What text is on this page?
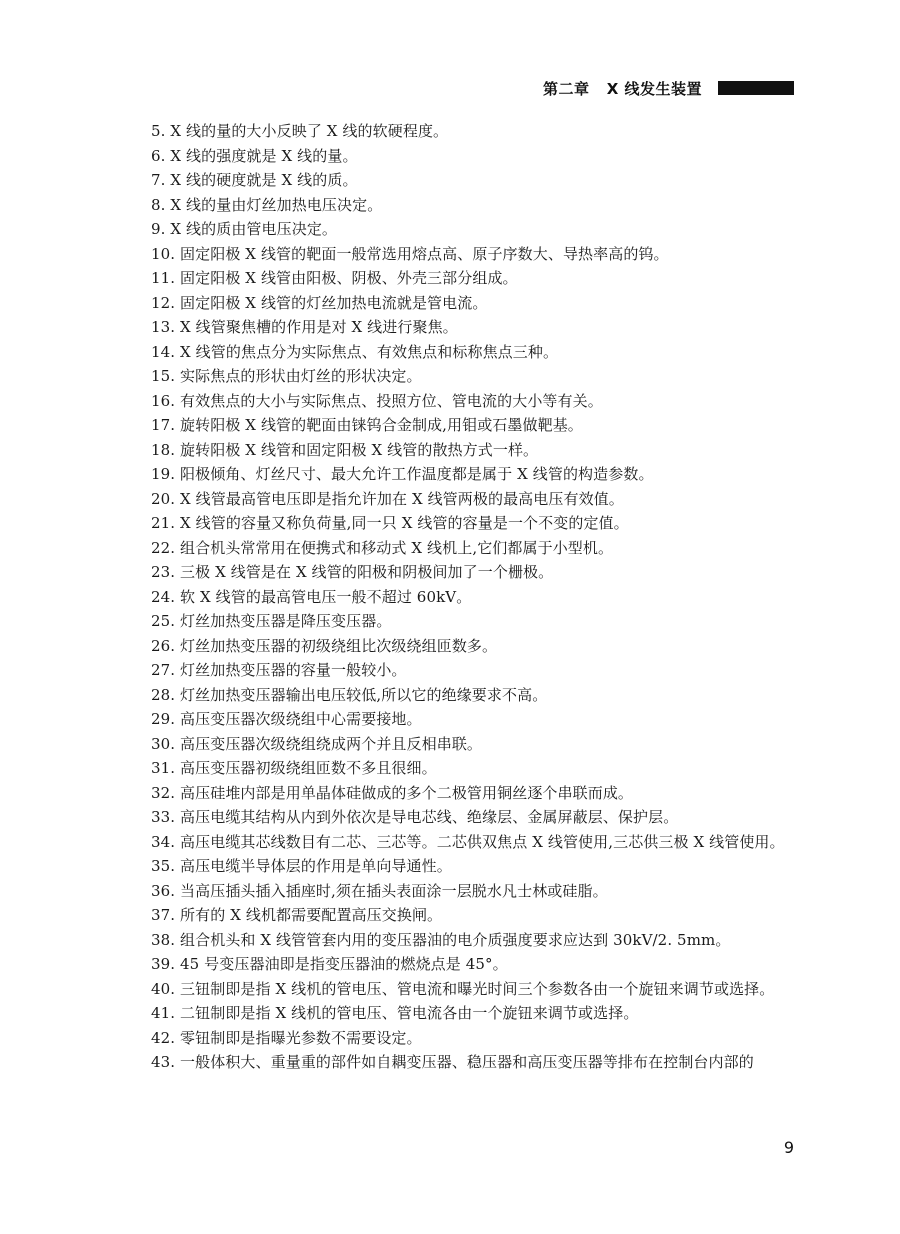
第二章 X 线发生装置

5. X 线的量的大小反映了 X 线的软硬程度。

6. X 线的强度就是 X 线的量。

7. X 线的硬度就是 X 线的质。

8. X 线的量由灯丝加热电压决定。

9. X 线的质由管电压决定。

10. 固定阳极 X 线管的靶面一般常选用熔点高、原子序数大、导热率高的钨。

11. 固定阳极 X 线管由阳极、阴极、外壳三部分组成。

12. 固定阳极 X 线管的灯丝加热电流就是管电流。

13. X 线管聚焦槽的作用是对 X 线进行聚焦。

14. X 线管的焦点分为实际焦点、有效焦点和标称焦点三种。

15. 实际焦点的形状由灯丝的形状决定。

16. 有效焦点的大小与实际焦点、投照方位、管电流的大小等有关。

17. 旋转阳极 X 线管的靶面由铼钨合金制成,用钼或石墨做靶基。

18. 旋转阳极 X 线管和固定阳极 X 线管的散热方式一样。

19. 阳极倾角、灯丝尺寸、最大允许工作温度都是属于 X 线管的构造参数。

20. X 线管最高管电压即是指允许加在 X 线管两极的最高电压有效值。

21. X 线管的容量又称负荷量,同一只 X 线管的容量是一个不变的定值。

22. 组合机头常常用在便携式和移动式 X 线机上,它们都属于小型机。

23. 三极 X 线管是在 X 线管的阳极和阴极间加了一个栅极。

24. 软 X 线管的最高管电压一般不超过 60kV。

25. 灯丝加热变压器是降压变压器。

26. 灯丝加热变压器的初级绕组比次级绕组匝数多。

27. 灯丝加热变压器的容量一般较小。

28. 灯丝加热变压器输出电压较低,所以它的绝缘要求不高。

29. 高压变压器次级绕组中心需要接地。

30. 高压变压器次级绕组绕成两个并且反相串联。

31. 高压变压器初级绕组匝数不多且很细。

32. 高压硅堆内部是用单晶体硅做成的多个二极管用铜丝逐个串联而成。

33. 高压电缆其结构从内到外依次是导电芯线、绝缘层、金属屏蔽层、保护层。

34. 高压电缆其芯线数目有二芯、三芯等。二芯供双焦点 X 线管使用,三芯供三极 X 线管使用。

35. 高压电缆半导体层的作用是单向导通性。

36. 当高压插头插入插座时,须在插头表面涂一层脱水凡士林或硅脂。

37. 所有的 X 线机都需要配置高压交换闸。

38. 组合机头和 X 线管管套内用的变压器油的电介质强度要求应达到 30kV/2. 5mm。

39. 45 号变压器油即是指变压器油的燃烧点是 45°。

40. 三钮制即是指 X 线机的管电压、管电流和曝光时间三个参数各由一个旋钮来调节或选择。

41. 二钮制即是指 X 线机的管电压、管电流各由一个旋钮来调节或选择。

42. 零钮制即是指曝光参数不需要设定。

43. 一般体积大、重量重的部件如自耦变压器、稳压器和高压变压器等排布在控制台内部的

9
